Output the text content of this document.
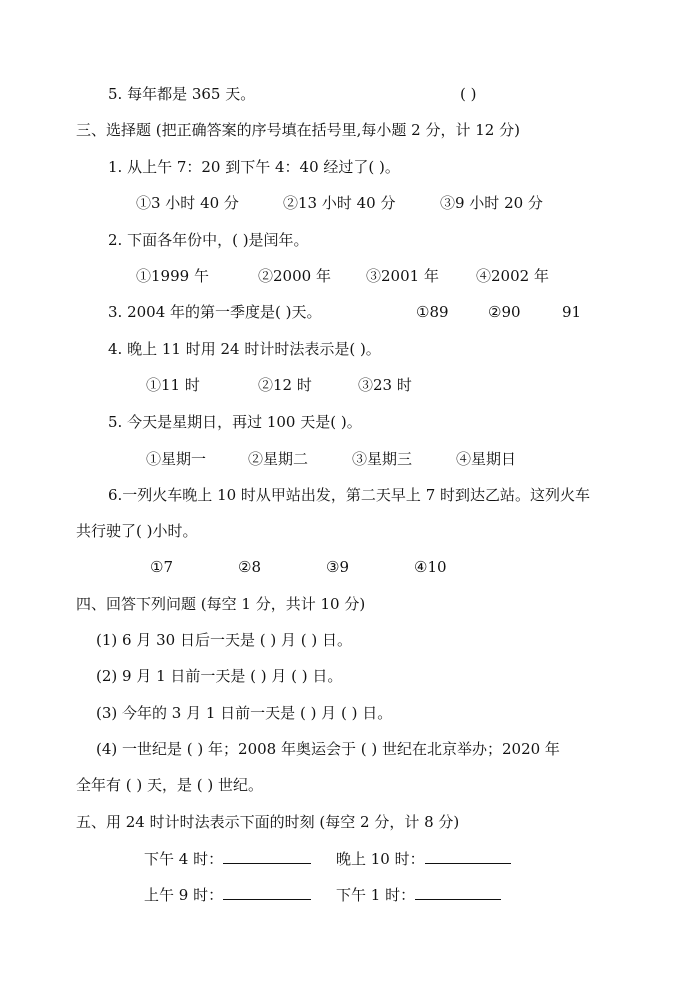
5. 每年都是 365 天。	( )
三、选择题 (把正确答案的序号填在括号里,每小题 2 分，计 12 分)
1. 从上午 7：20 到下午 4：40 经过了( )。
①3 小时 40 分	②13 小时 40 分	③9 小时 20 分
2. 下面各年份中，( )是闰年。
①1999 午	②2000 年 ③2001 年 ④2002 年
3. 2004 年的第一季度是( )天。	①89	②90	91
4. 晚上 11 时用 24 时计时法表示是( )。
①11 时	②12 时	③23 时
5. 今天是星期日，再过 100 天是( )。
①星期一	②星期二	③星期三	④星期日
6.一列火车晚上 10 时从甲站出发，第二天早上 7 时到达乙站。这列火车
共行驶了( )小时。
①7	②8	③9	④10
四、回答下列问题 (每空 1 分，共计 10 分)
(1) 6 月 30 日后一天是 ( ) 月 ( ) 日。
(2) 9 月 1 日前一天是 ( ) 月 ( ) 日。
(3) 今年的 3 月 1 日前一天是 ( ) 月 ( ) 日。
(4) 一世纪是 ( ) 年；2008 年奥运会于 ( ) 世纪在北京举办；2020 年
全年有 ( ) 天，是 ( ) 世纪。
五、用 24 时计时法表示下面的时刻 (每空 2 分，计 8 分)
下午 4 时：	晚上 10 时：
上午 9 时：	下午 1 时：
